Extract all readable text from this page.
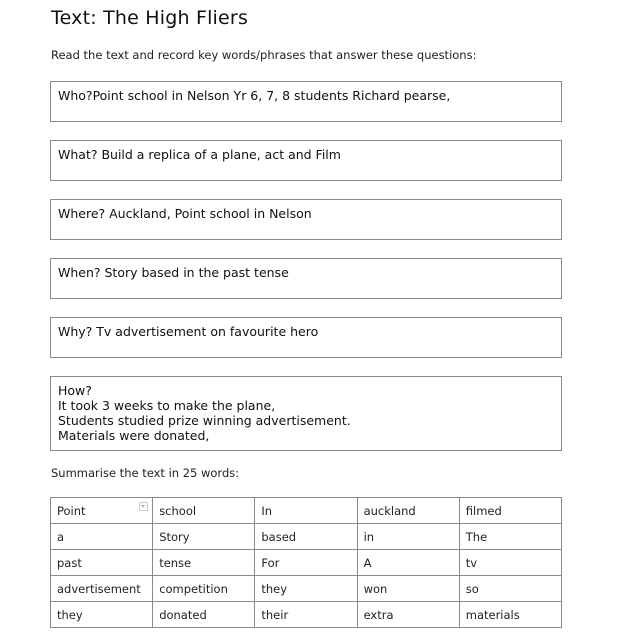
Text: The High Fliers
Read the text and record key words/phrases that answer these questions:
Who?Point school in Nelson Yr 6, 7, 8 students Richard pearse,
What? Build a replica of a plane, act and Film
Where? Auckland, Point school in Nelson
When? Story based in the past tense
Why? Tv advertisement on favourite hero
How?
It took 3 weeks to make the plane,
Students studied prize winning advertisement.
Materials were donated,
Summarise the text in 25 words:
Point	school	In	auckland	filmed
a	Story	based	in	The
past	tense	For	A	tv
advertisement	competition	they	won	so
they	donated	their	extra	materials
